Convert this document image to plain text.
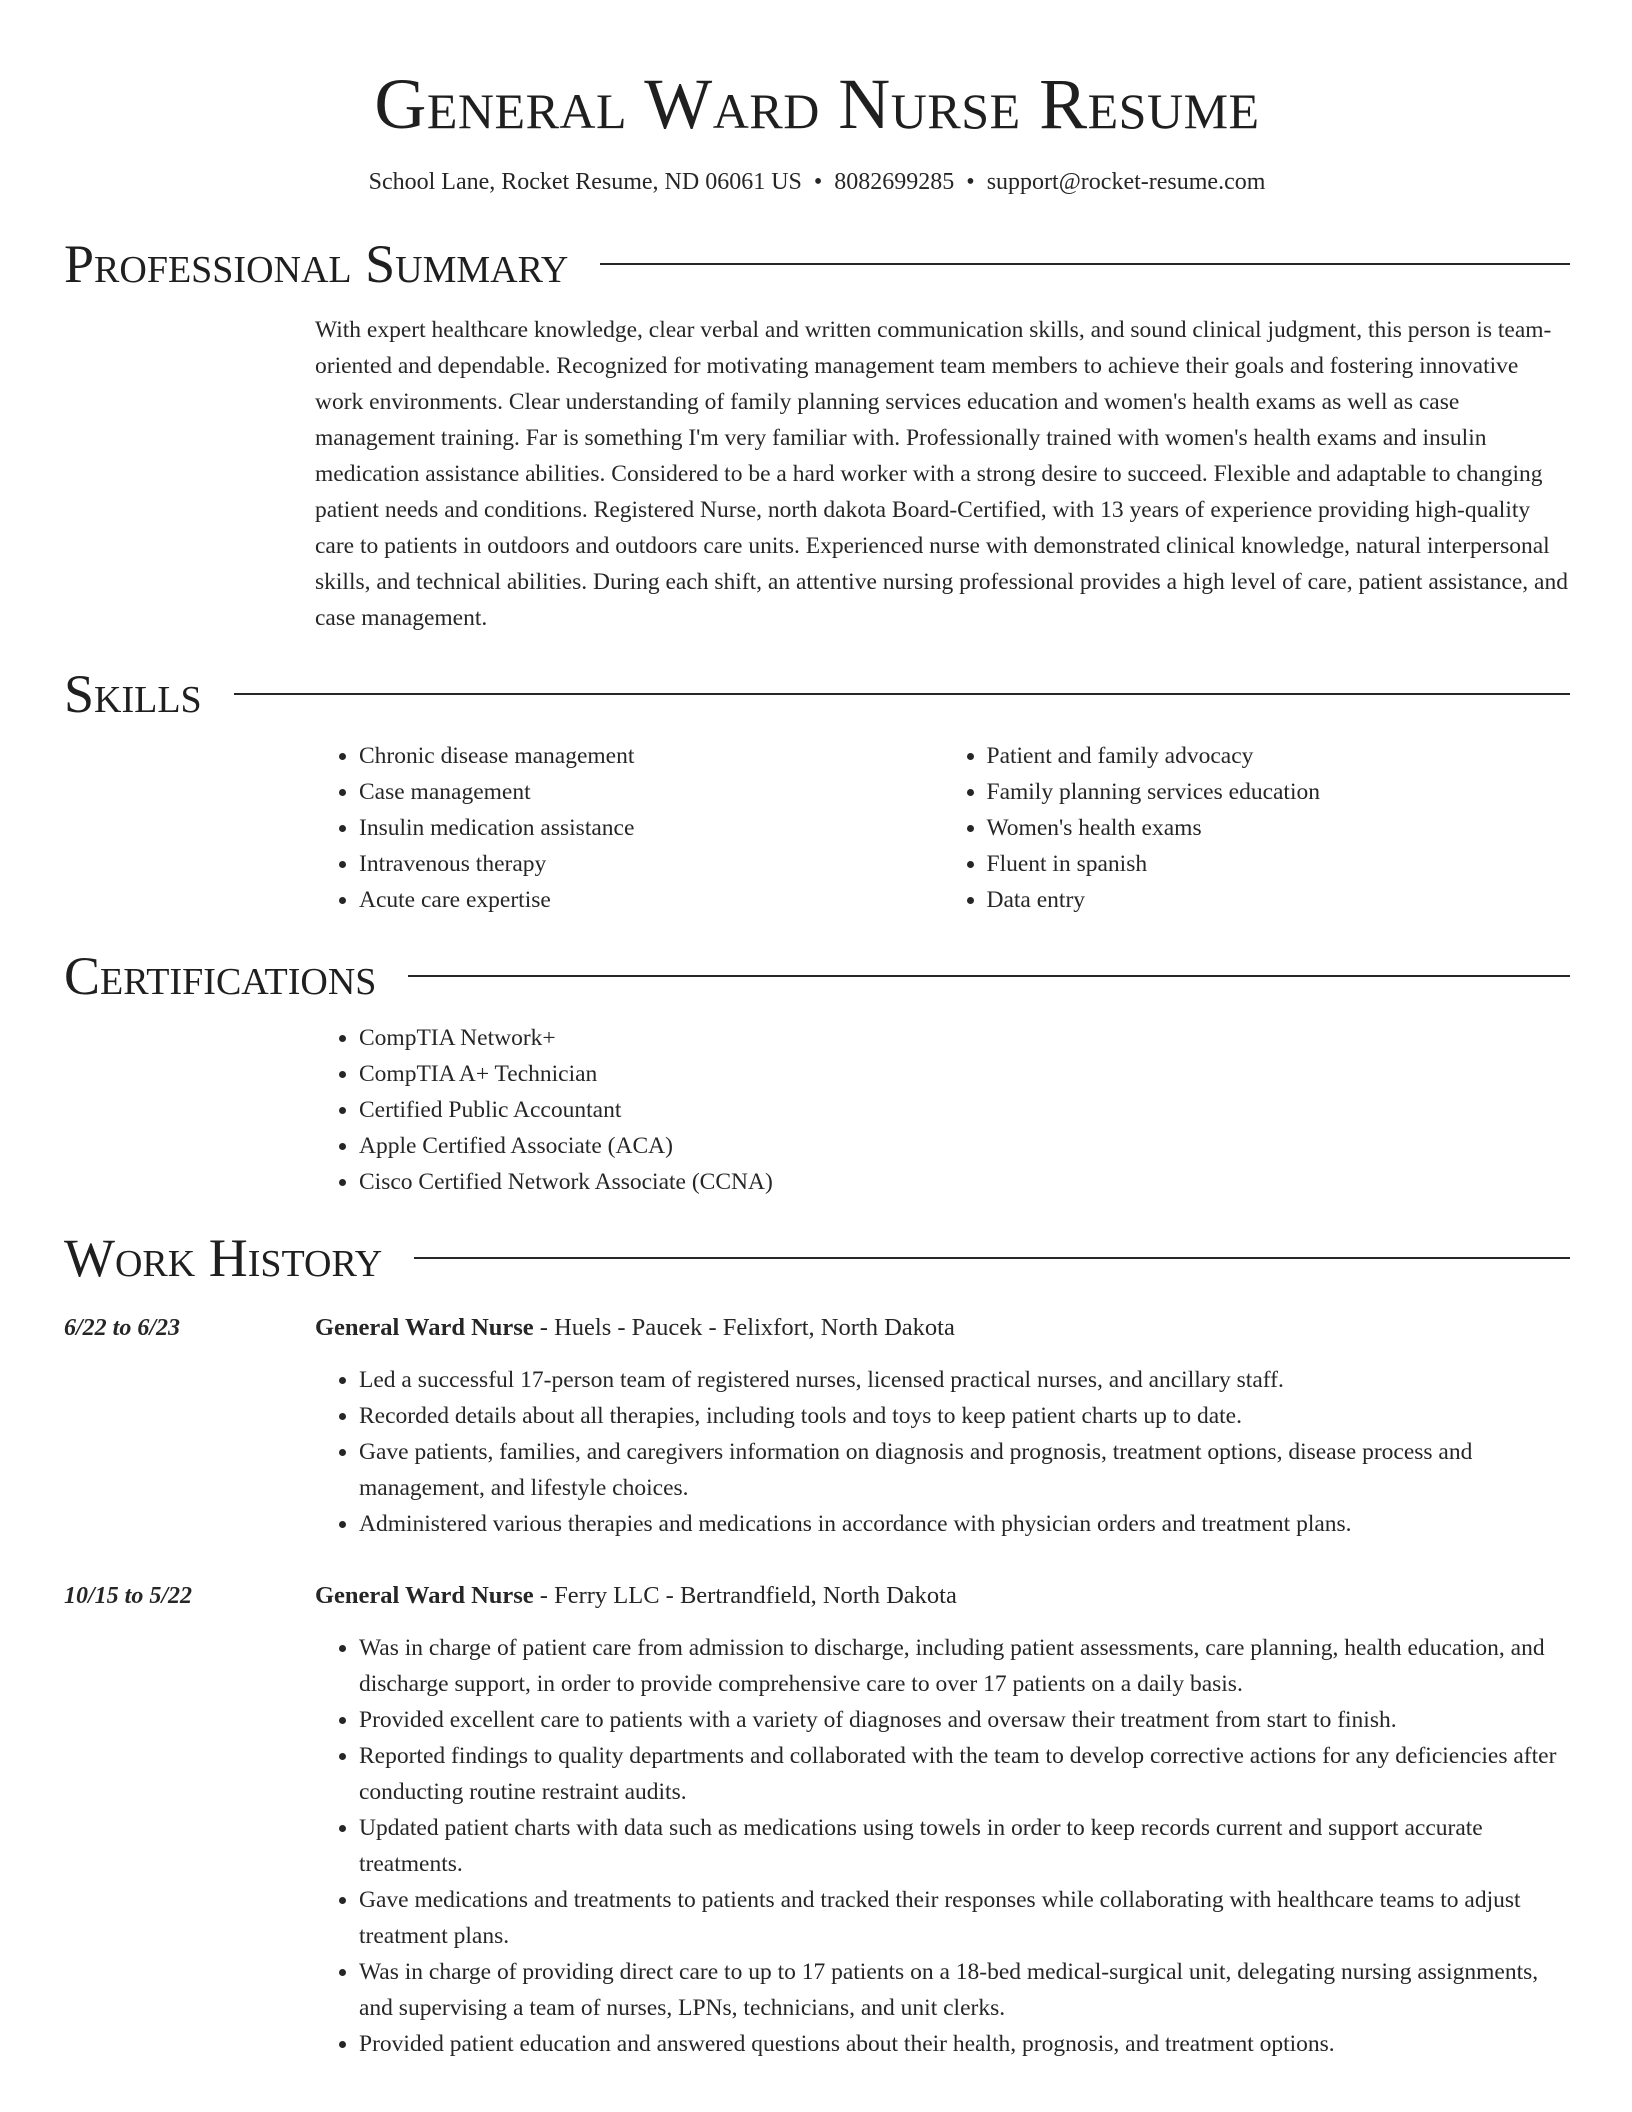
General Ward Nurse Resume
School Lane, Rocket Resume, ND 06061 US • 8082699285 • support@rocket-resume.com
Professional Summary
With expert healthcare knowledge, clear verbal and written communication skills, and sound clinical judgment, this person is team-oriented and dependable. Recognized for motivating management team members to achieve their goals and fostering innovative work environments. Clear understanding of family planning services education and women's health exams as well as case management training. Far is something I'm very familiar with. Professionally trained with women's health exams and insulin medication assistance abilities. Considered to be a hard worker with a strong desire to succeed. Flexible and adaptable to changing patient needs and conditions. Registered Nurse, north dakota Board-Certified, with 13 years of experience providing high-quality care to patients in outdoors and outdoors care units. Experienced nurse with demonstrated clinical knowledge, natural interpersonal skills, and technical abilities. During each shift, an attentive nursing professional provides a high level of care, patient assistance, and case management.
Skills
• Chronic disease management
• Case management
• Insulin medication assistance
• Intravenous therapy
• Acute care expertise
• Patient and family advocacy
• Family planning services education
• Women's health exams
• Fluent in spanish
• Data entry
Certifications
• CompTIA Network+
• CompTIA A+ Technician
• Certified Public Accountant
• Apple Certified Associate (ACA)
• Cisco Certified Network Associate (CCNA)
Work History
6/22 to 6/23	General Ward Nurse - Huels - Paucek - Felixfort, North Dakota
• Led a successful 17-person team of registered nurses, licensed practical nurses, and ancillary staff.
• Recorded details about all therapies, including tools and toys to keep patient charts up to date.
• Gave patients, families, and caregivers information on diagnosis and prognosis, treatment options, disease process and management, and lifestyle choices.
• Administered various therapies and medications in accordance with physician orders and treatment plans.
10/15 to 5/22	General Ward Nurse - Ferry LLC - Bertrandfield, North Dakota
• Was in charge of patient care from admission to discharge, including patient assessments, care planning, health education, and discharge support, in order to provide comprehensive care to over 17 patients on a daily basis.
• Provided excellent care to patients with a variety of diagnoses and oversaw their treatment from start to finish.
• Reported findings to quality departments and collaborated with the team to develop corrective actions for any deficiencies after conducting routine restraint audits.
• Updated patient charts with data such as medications using towels in order to keep records current and support accurate treatments.
• Gave medications and treatments to patients and tracked their responses while collaborating with healthcare teams to adjust treatment plans.
• Was in charge of providing direct care to up to 17 patients on a 18-bed medical-surgical unit, delegating nursing assignments, and supervising a team of nurses, LPNs, technicians, and unit clerks.
• Provided patient education and answered questions about their health, prognosis, and treatment options.
